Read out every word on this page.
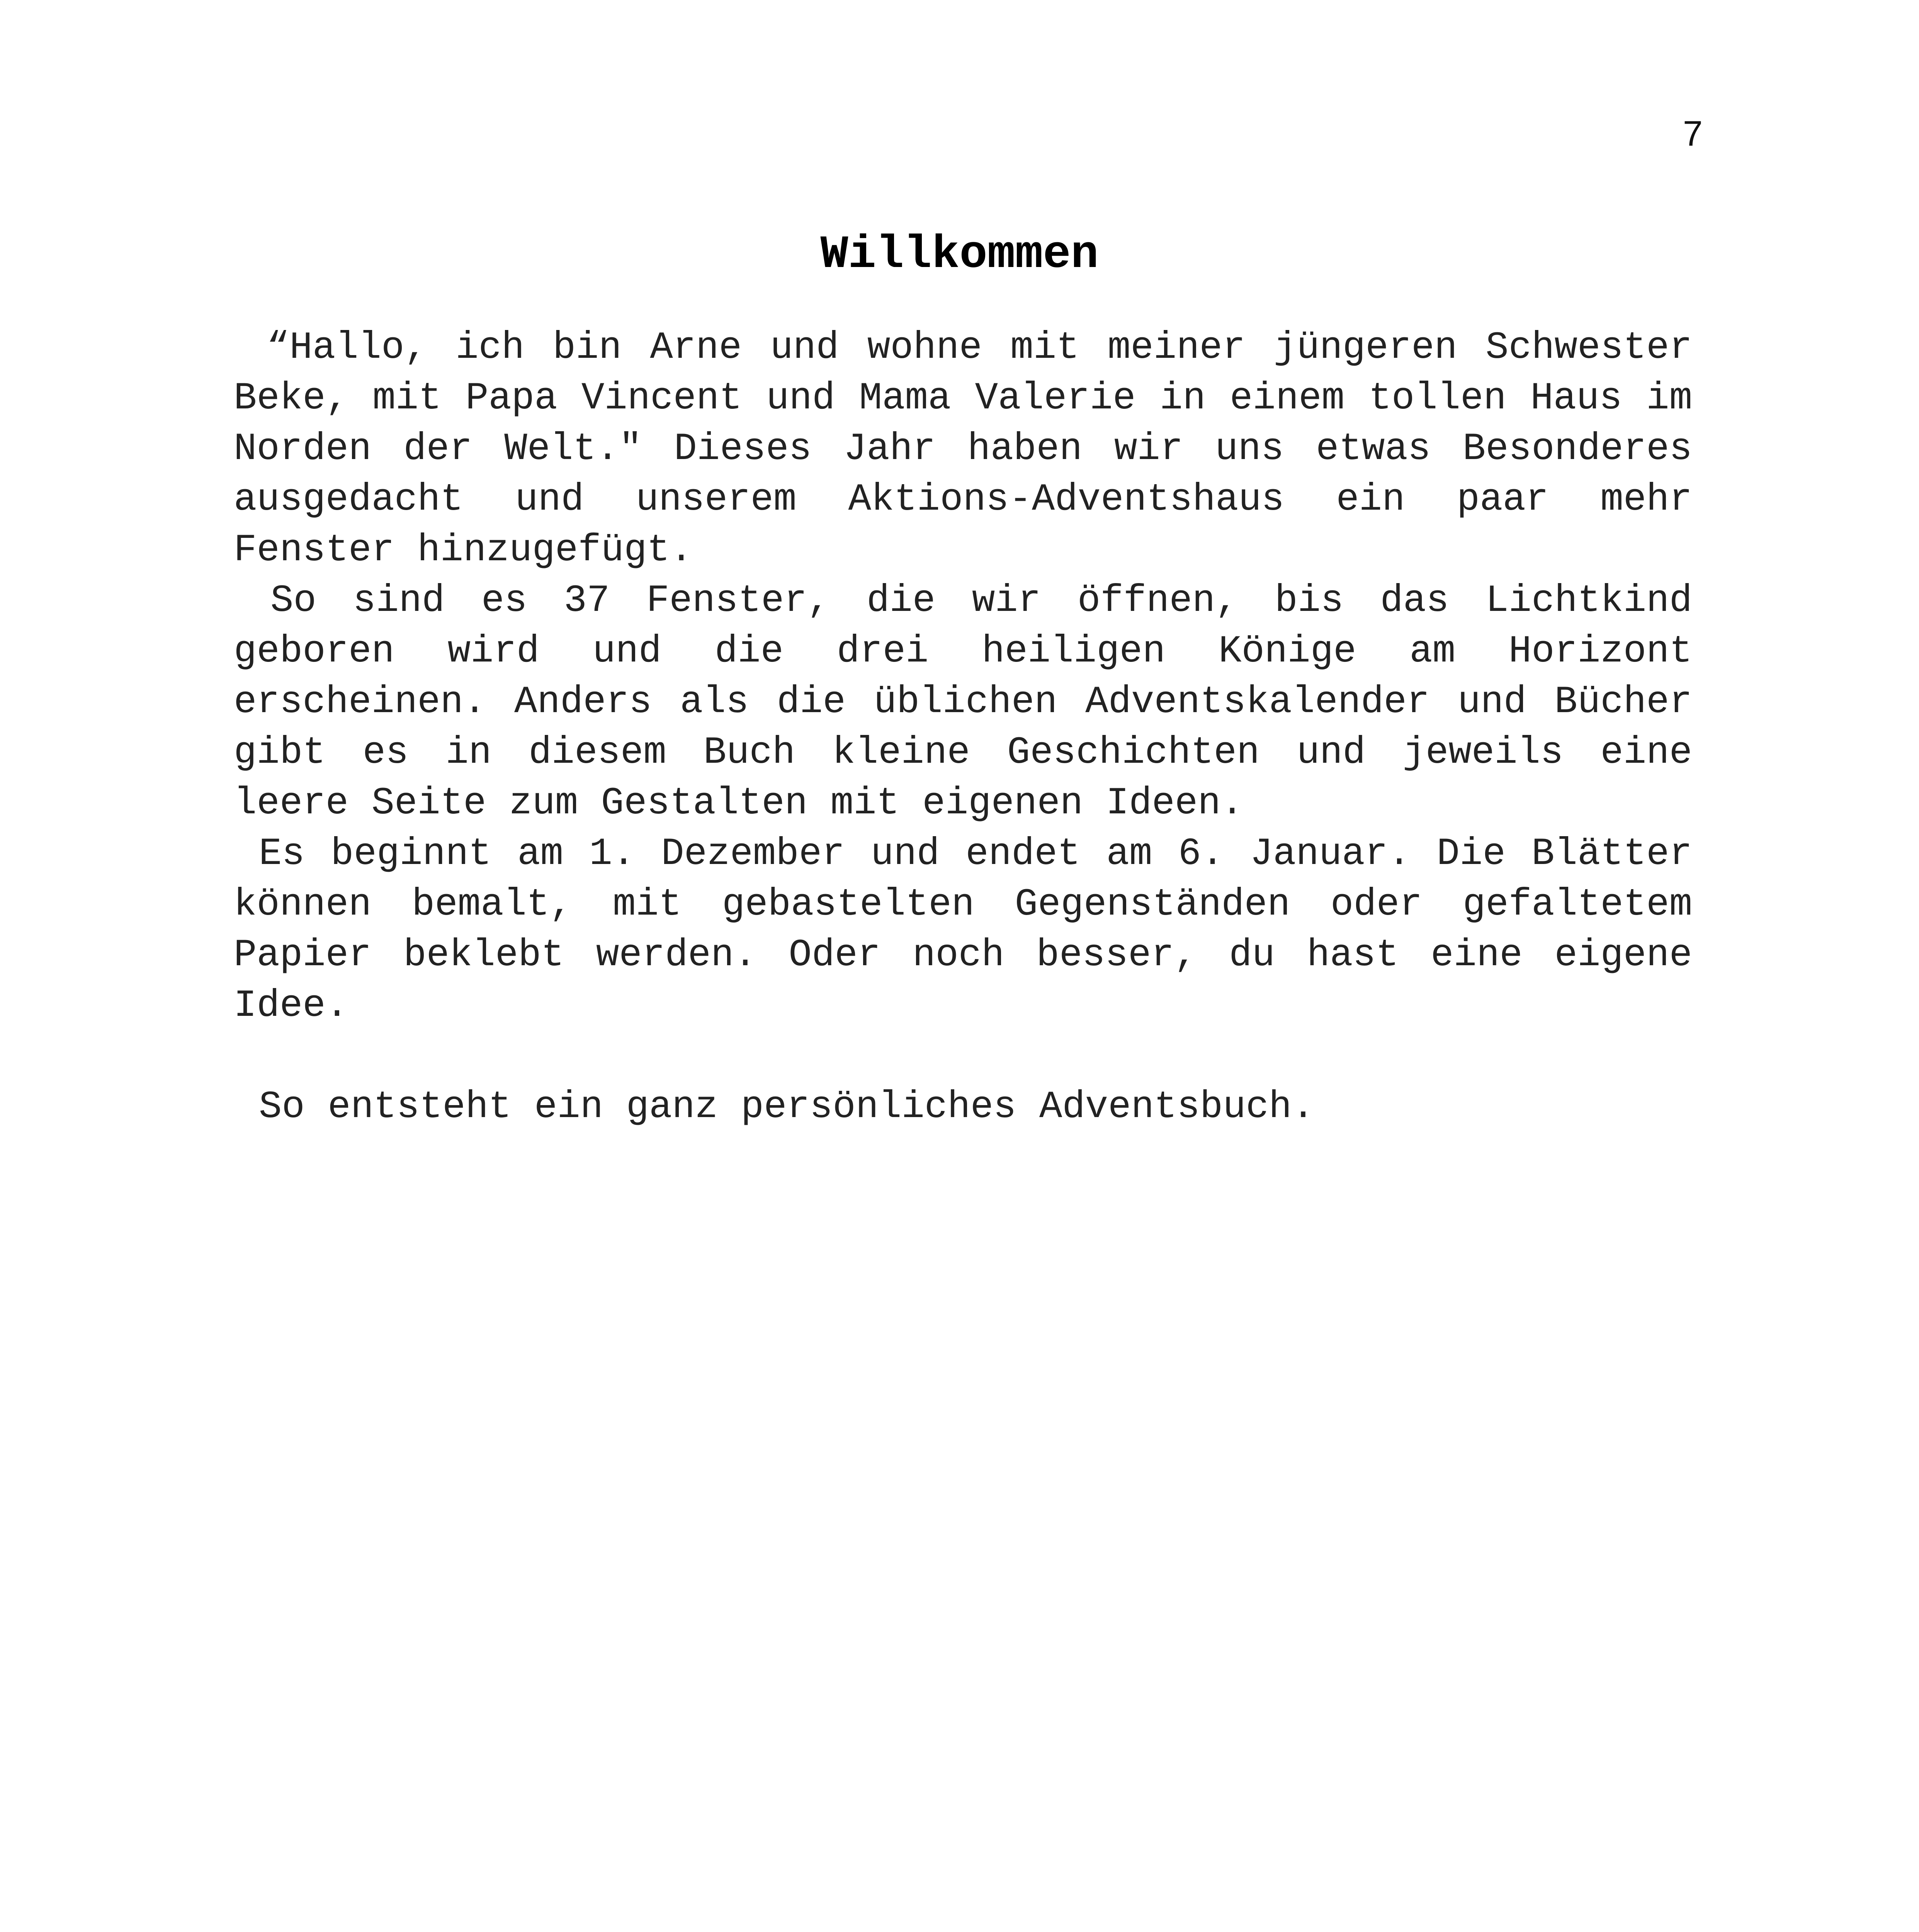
7
Willkommen

“Hallo, ich bin Arne und wohne mit meiner jüngeren Schwester Beke, mit Papa Vincent und Mama Valerie in einem tollen Haus im Norden der Welt." Dieses Jahr haben wir uns etwas Besonderes ausgedacht und unserem Aktions-Adventshaus ein paar mehr Fenster hinzugefügt.

So sind es 37 Fenster, die wir öffnen, bis das Lichtkind geboren wird und die drei heiligen Könige am Horizont erscheinen. Anders als die üblichen Adventskalender und Bücher gibt es in diesem Buch kleine Geschichten und jeweils eine leere Seite zum Gestalten mit eigenen Ideen.

Es beginnt am 1. Dezember und endet am 6. Januar. Die Blätter können bemalt, mit gebastelten Gegenständen oder gefaltetem Papier beklebt werden. Oder noch besser, du hast eine eigene Idee.

So entsteht ein ganz persönliches Adventsbuch.
